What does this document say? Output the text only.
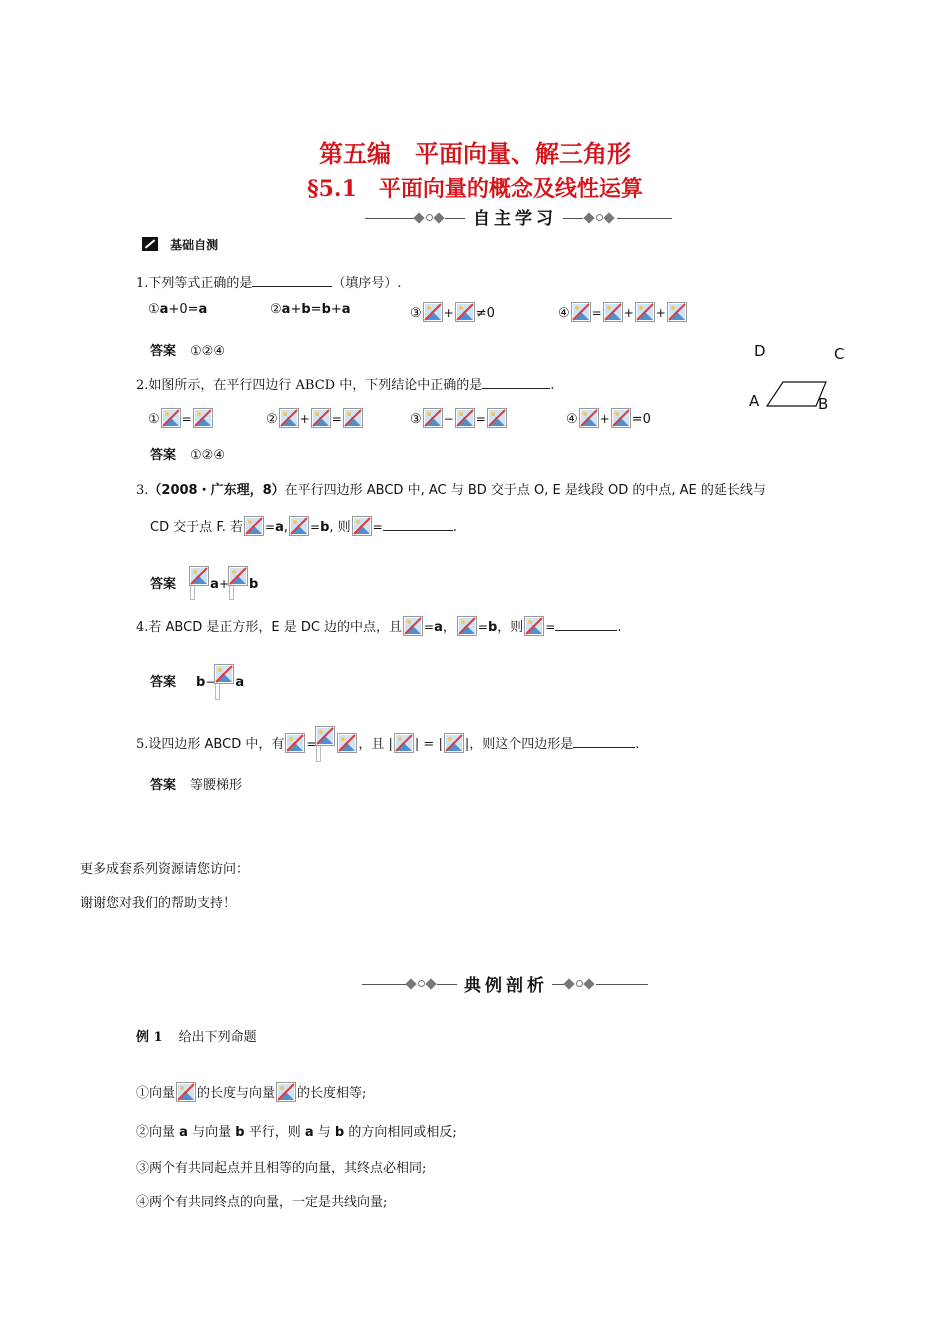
第五编　平面向量、解三角形
§5.1　平面向量的概念及线性运算
自主学习
基础自测
1.下列等式正确的是	（填序号）.
①a+0=a	②a+b=b+a	③ + ≠0	④ = + +
答案 ①②④	D	C
A	B
2.如图所示，在平行四边行 ABCD 中，下列结论中正确的是	.
① =	② + =	③ − =	④ + =0
答案 ①②④
3.（2008・广东理，8）在平行四边形 ABCD 中, AC 与 BD 交于点 O, E 是线段 OD 的中点, AE 的延长线与
CD 交于点 F. 若 =a, =b, 则 =	.
答案	a+ b
4.若 ABCD 是正方形，E 是 DC 边的中点，且 =a， =b，则 =	.
答案 b− a
5.设四边形 ABCD 中，有 =	，且 | | = | |，则这个四边形是	.
答案 等腰梯形
更多成套系列资源请您访问：
谢谢您对我们的帮助支持！
典例剖析
例 1 给出下列命题
①向量 的长度与向量 的长度相等;
②向量 a 与向量 b 平行，则 a 与 b 的方向相同或相反;
③两个有共同起点并且相等的向量，其终点必相同;
④两个有共同终点的向量，一定是共线向量;
